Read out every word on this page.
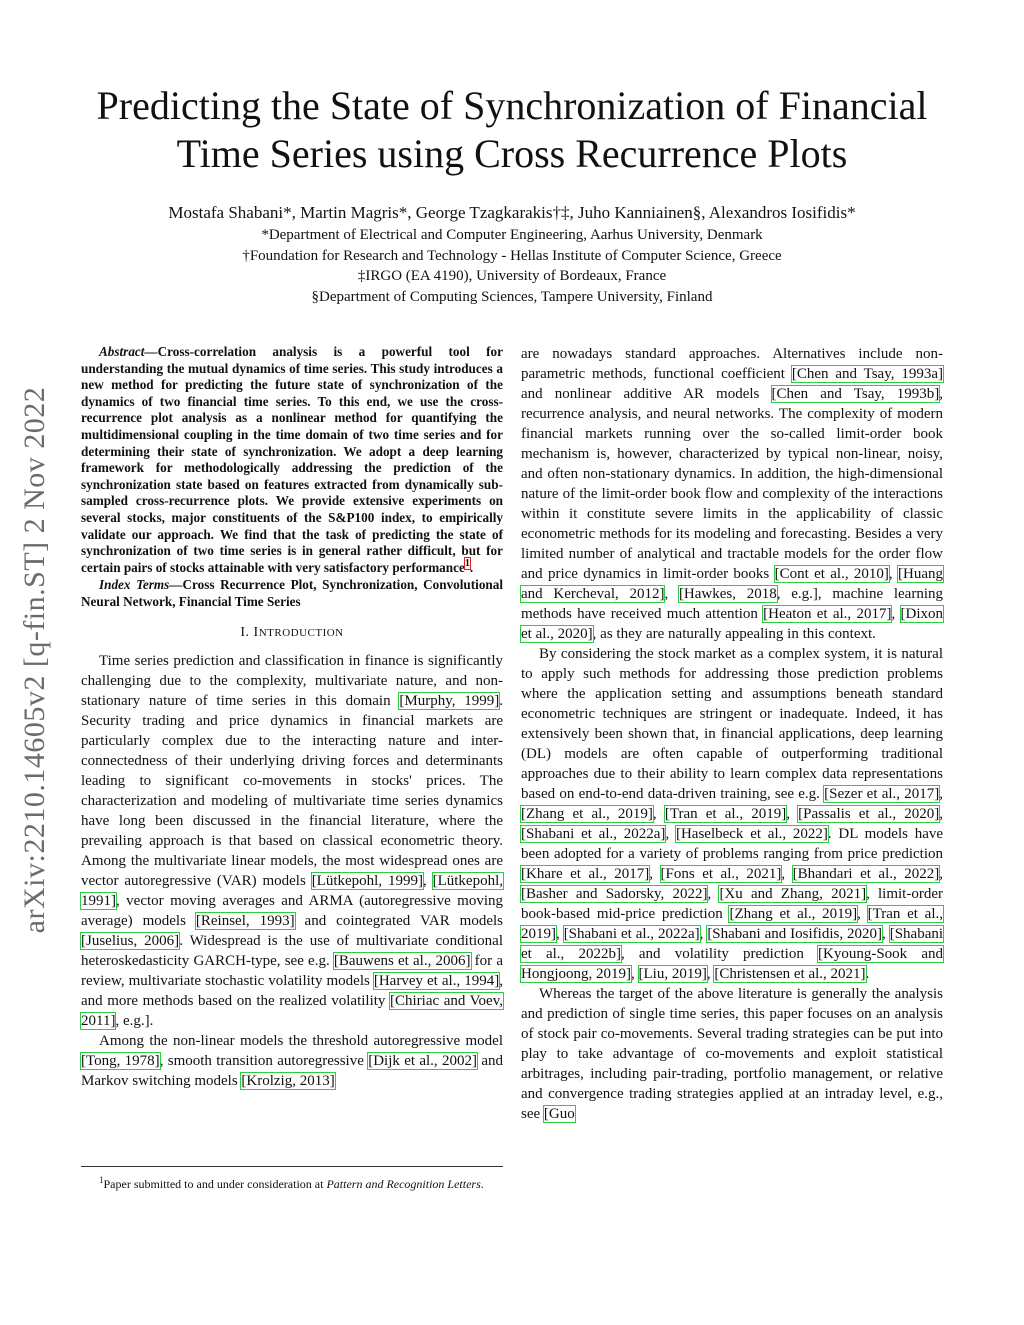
arXiv:2210.14605v2 [q-fin.ST] 2 Nov 2022
Predicting the State of Synchronization of Financial Time Series using Cross Recurrence Plots
Mostafa Shabani*, Martin Magris*, George Tzagkarakis†‡, Juho Kanniainen§, Alexandros Iosifidis*
*Department of Electrical and Computer Engineering, Aarhus University, Denmark
†Foundation for Research and Technology - Hellas Institute of Computer Science, Greece
‡IRGO (EA 4190), University of Bordeaux, France
§Department of Computing Sciences, Tampere University, Finland

Abstract—Cross-correlation analysis is a powerful tool for understanding the mutual dynamics of time series. This study introduces a new method for predicting the future state of synchronization of the dynamics of two financial time series. To this end, we use the cross-recurrence plot analysis as a nonlinear method for quantifying the multidimensional coupling in the time domain of two time series and for determining their state of synchronization. We adopt a deep learning framework for methodologically addressing the prediction of the synchronization state based on features extracted from dynamically sub-sampled cross-recurrence plots. We provide extensive experiments on several stocks, major constituents of the S&P100 index, to empirically validate our approach. We find that the task of predicting the state of synchronization of two time series is in general rather difficult, but for certain pairs of stocks attainable with very satisfactory performance$^1$.

Index Terms—Cross Recurrence Plot, Synchronization, Convolutional Neural Network, Financial Time Series

I. INTRODUCTION

Time series prediction and classification in finance is significantly challenging due to the complexity, multivariate nature, and non-stationary nature of time series in this domain [Murphy, 1999]. Security trading and price dynamics in financial markets are particularly complex due to the interacting nature and inter-connectedness of their underlying driving forces and determinants leading to significant co-movements in stocks' prices. The characterization and modeling of multivariate time series dynamics have long been discussed in the financial literature, where the prevailing approach is that based on classical econometric theory. Among the multivariate linear models, the most widespread ones are vector autoregressive (VAR) models [Lütkepohl, 1999], [Lütkepohl, 1991], vector moving averages and ARMA (autoregressive moving average) models [Reinsel, 1993] and cointegrated VAR models [Juselius, 2006]. Widespread is the use of multivariate conditional heteroskedasticity GARCH-type, see e.g. [Bauwens et al., 2006] for a review, multivariate stochastic volatility models [Harvey et al., 1994], and more methods based on the realized volatility [Chiriac and Voev, 2011], e.g.].

Among the non-linear models the threshold autoregressive model [Tong, 1978], smooth transition autoregressive [Dijk et al., 2002] and Markov switching models [Krolzig, 2013]

are nowadays standard approaches. Alternatives include non-parametric methods, functional coefficient [Chen and Tsay, 1993a] and nonlinear additive AR models [Chen and Tsay, 1993b], recurrence analysis, and neural networks. The complexity of modern financial markets running over the so-called limit-order book mechanism is, however, characterized by typical non-linear, noisy, and often non-stationary dynamics. In addition, the high-dimensional nature of the limit-order book flow and complexity of the interactions within it constitute severe limits in the applicability of classic econometric methods for its modeling and forecasting. Besides a very limited number of analytical and tractable models for the order flow and price dynamics in limit-order books [Cont et al., 2010], [Huang and Kercheval, 2012], [Hawkes, 2018, e.g.], machine learning methods have received much attention [Heaton et al., 2017], [Dixon et al., 2020], as they are naturally appealing in this context.

By considering the stock market as a complex system, it is natural to apply such methods for addressing those prediction problems where the application setting and assumptions beneath standard econometric techniques are stringent or inadequate. Indeed, it has extensively been shown that, in financial applications, deep learning (DL) models are often capable of outperforming traditional approaches due to their ability to learn complex data representations based on end-to-end data-driven training, see e.g. [Sezer et al., 2017], [Zhang et al., 2019], [Tran et al., 2019], [Passalis et al., 2020], [Shabani et al., 2022a], [Haselbeck et al., 2022]. DL models have been adopted for a variety of problems ranging from price prediction [Khare et al., 2017], [Fons et al., 2021], [Bhandari et al., 2022], [Basher and Sadorsky, 2022], [Xu and Zhang, 2021], limit-order book-based mid-price prediction [Zhang et al., 2019], [Tran et al., 2019], [Shabani et al., 2022a], [Shabani and Iosifidis, 2020], [Shabani et al., 2022b], and volatility prediction [Kyoung-Sook and Hongjoong, 2019], [Liu, 2019], [Christensen et al., 2021].

Whereas the target of the above literature is generally the analysis and prediction of single time series, this paper focuses on an analysis of stock pair co-movements. Several trading strategies can be put into play to take advantage of co-movements and exploit statistical arbitrages, including pair-trading, portfolio management, or relative and convergence trading strategies applied at an intraday level, e.g., see [Guo

$^1$Paper submitted to and under consideration at Pattern and Recognition Letters.
